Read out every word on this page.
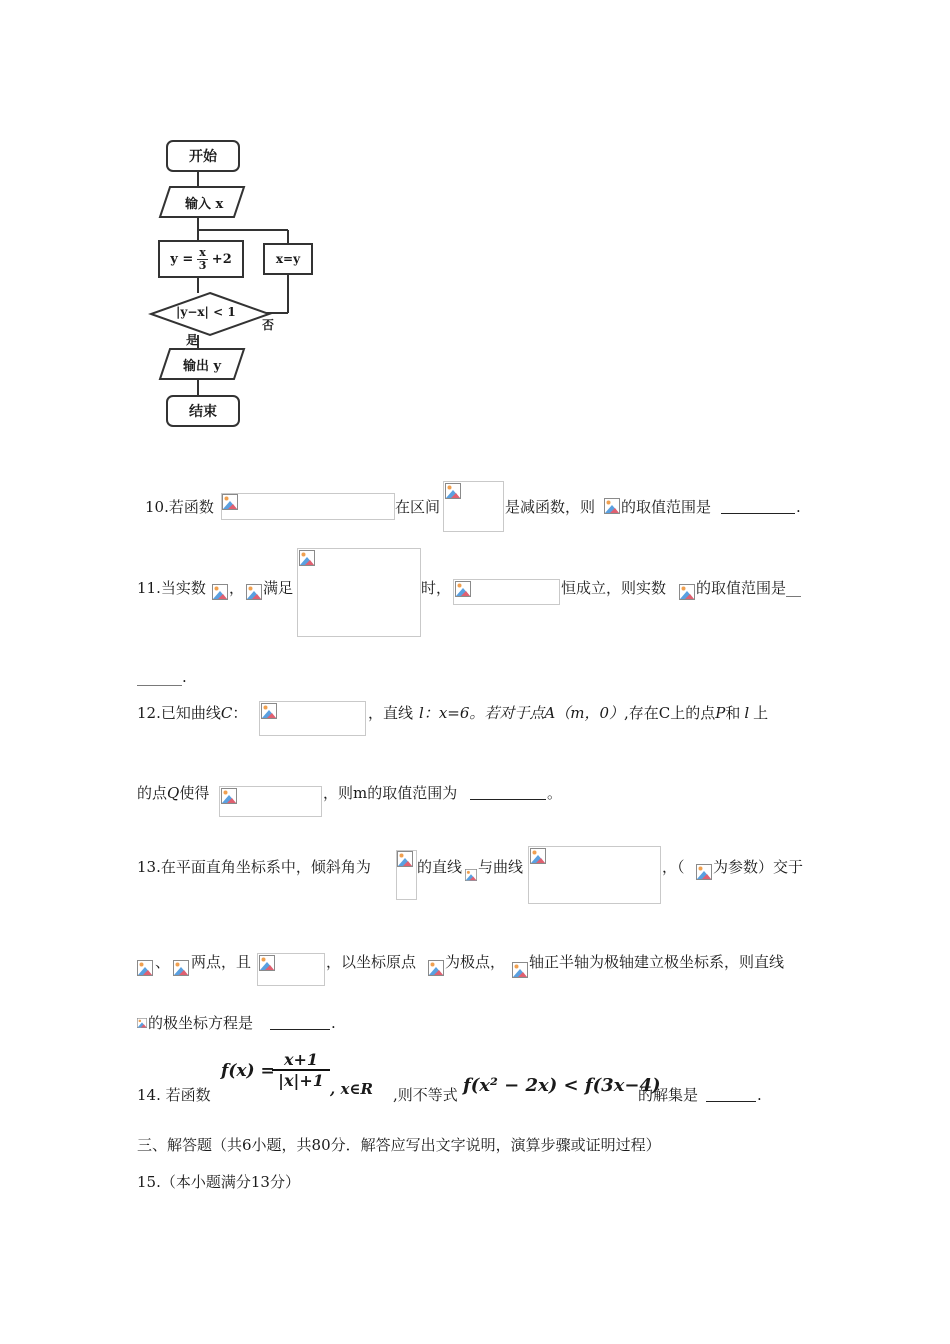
开始
输入 x
$y = \frac{x}{3} +2$	x=y
|y−x| < 1
否
是
输出 y
结束
10.若函数	在区间	是减函数，则 的取值范围是	.
11.当实数 ， 满足	时，	恒成立，则实数 的取值范围是__
______.
12.已知曲线C：	，直线 l：x=6。若对于点A（m，0）,存在C上的点P和 l 上
的点Q使得	，则m的取值范围为	。
13.在平面直角坐标系中，倾斜角为	的直线 与曲线	，（ 为参数）交于
、 两点，且	，以坐标原点 为极点， 轴正半轴为极轴建立极坐标系，则直线
的极坐标方程是	.
14. 若函数
f(x) =
$\frac{x+1}{|x|+1}$ , x∈R ,则不等式 f(x² − 2x) < f(3x−4)
的解集是	.
三、解答题（共6小题，共80分．解答应写出文字说明，演算步骤或证明过程）
15.（本小题满分13分）
